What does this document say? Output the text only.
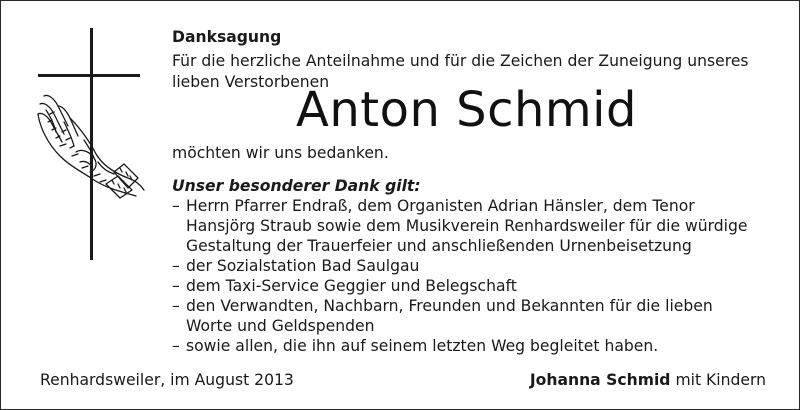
Danksagung
Für die herzliche Anteilnahme und für die Zeichen der Zuneigung unseres
lieben Verstorbenen
Anton Schmid
möchten wir uns bedanken.
Unser besonderer Dank gilt:
– Herrn Pfarrer Endraß, dem Organisten Adrian Hänsler, dem Tenor
Hansjörg Straub sowie dem Musikverein Renhardsweiler für die würdige
Gestaltung der Trauerfeier und anschließenden Urnenbeisetzung
– der Sozialstation Bad Saulgau
– dem Taxi-Service Geggier und Belegschaft
– den Verwandten, Nachbarn, Freunden und Bekannten für die lieben
Worte und Geldspenden
– sowie allen, die ihn auf seinem letzten Weg begleitet haben.
Renhardsweiler, im August 2013	Johanna Schmid mit Kindern
